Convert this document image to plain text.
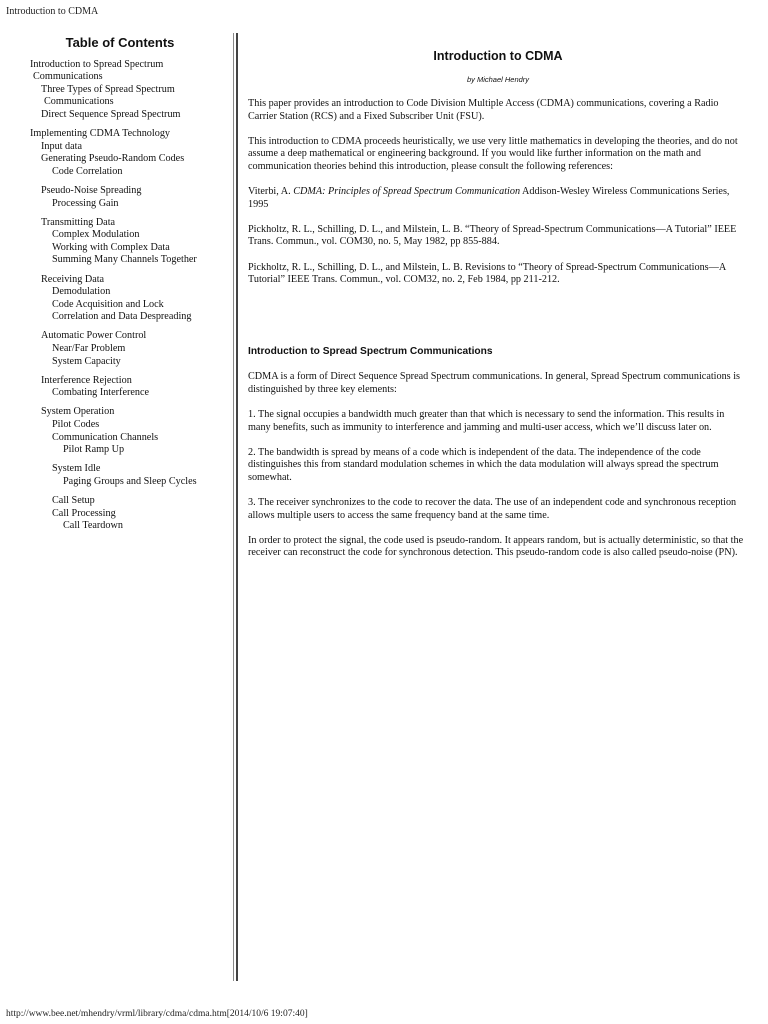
Introduction to CDMA
Table of Contents
Introduction to Spread Spectrum
Communications
Three Types of Spread Spectrum
Communications
Direct Sequence Spread Spectrum
Implementing CDMA Technology
Input data
Generating Pseudo-Random Codes
Code Correlation
Pseudo-Noise Spreading
Processing Gain
Transmitting Data
Complex Modulation
Working with Complex Data
Summing Many Channels Together
Receiving Data
Demodulation
Code Acquisition and Lock
Correlation and Data Despreading
Automatic Power Control
Near/Far Problem
System Capacity
Interference Rejection
Combating Interference
System Operation
Pilot Codes
Communication Channels
Pilot Ramp Up
System Idle
Paging Groups and Sleep Cycles
Call Setup
Call Processing
Call Teardown
Introduction to CDMA
by Michael Hendry

This paper provides an introduction to Code Division Multiple Access (CDMA) communications, covering a Radio Carrier Station (RCS) and a Fixed Subscriber Unit (FSU).

This introduction to CDMA proceeds heuristically, we use very little mathematics in developing the theories, and do not assume a deep mathematical or engineering background. If you would like further information on the math and communication theories behind this introduction, please consult the following references:

Viterbi, A. CDMA: Principles of Spread Spectrum Communication Addison-Wesley Wireless Communications Series, 1995

Pickholtz, R. L., Schilling, D. L., and Milstein, L. B. “Theory of Spread-Spectrum Communications—A Tutorial” IEEE Trans. Commun., vol. COM30, no. 5, May 1982, pp 855-884.

Pickholtz, R. L., Schilling, D. L., and Milstein, L. B. Revisions to “Theory of Spread-Spectrum Communications—A Tutorial” IEEE Trans. Commun., vol. COM32, no. 2, Feb 1984, pp 211-212.

Introduction to Spread Spectrum Communications

CDMA is a form of Direct Sequence Spread Spectrum communications. In general, Spread Spectrum communications is distinguished by three key elements:

1. The signal occupies a bandwidth much greater than that which is necessary to send the information. This results in many benefits, such as immunity to interference and jamming and multi-user access, which we’ll discuss later on.

2. The bandwidth is spread by means of a code which is independent of the data. The independence of the code distinguishes this from standard modulation schemes in which the data modulation will always spread the spectrum somewhat.

3. The receiver synchronizes to the code to recover the data. The use of an independent code and synchronous reception allows multiple users to access the same frequency band at the same time.

In order to protect the signal, the code used is pseudo-random. It appears random, but is actually deterministic, so that the receiver can reconstruct the code for synchronous detection. This pseudo-random code is also called pseudo-noise (PN).

http://www.bee.net/mhendry/vrml/library/cdma/cdma.htm[2014/10/6 19:07:40]
